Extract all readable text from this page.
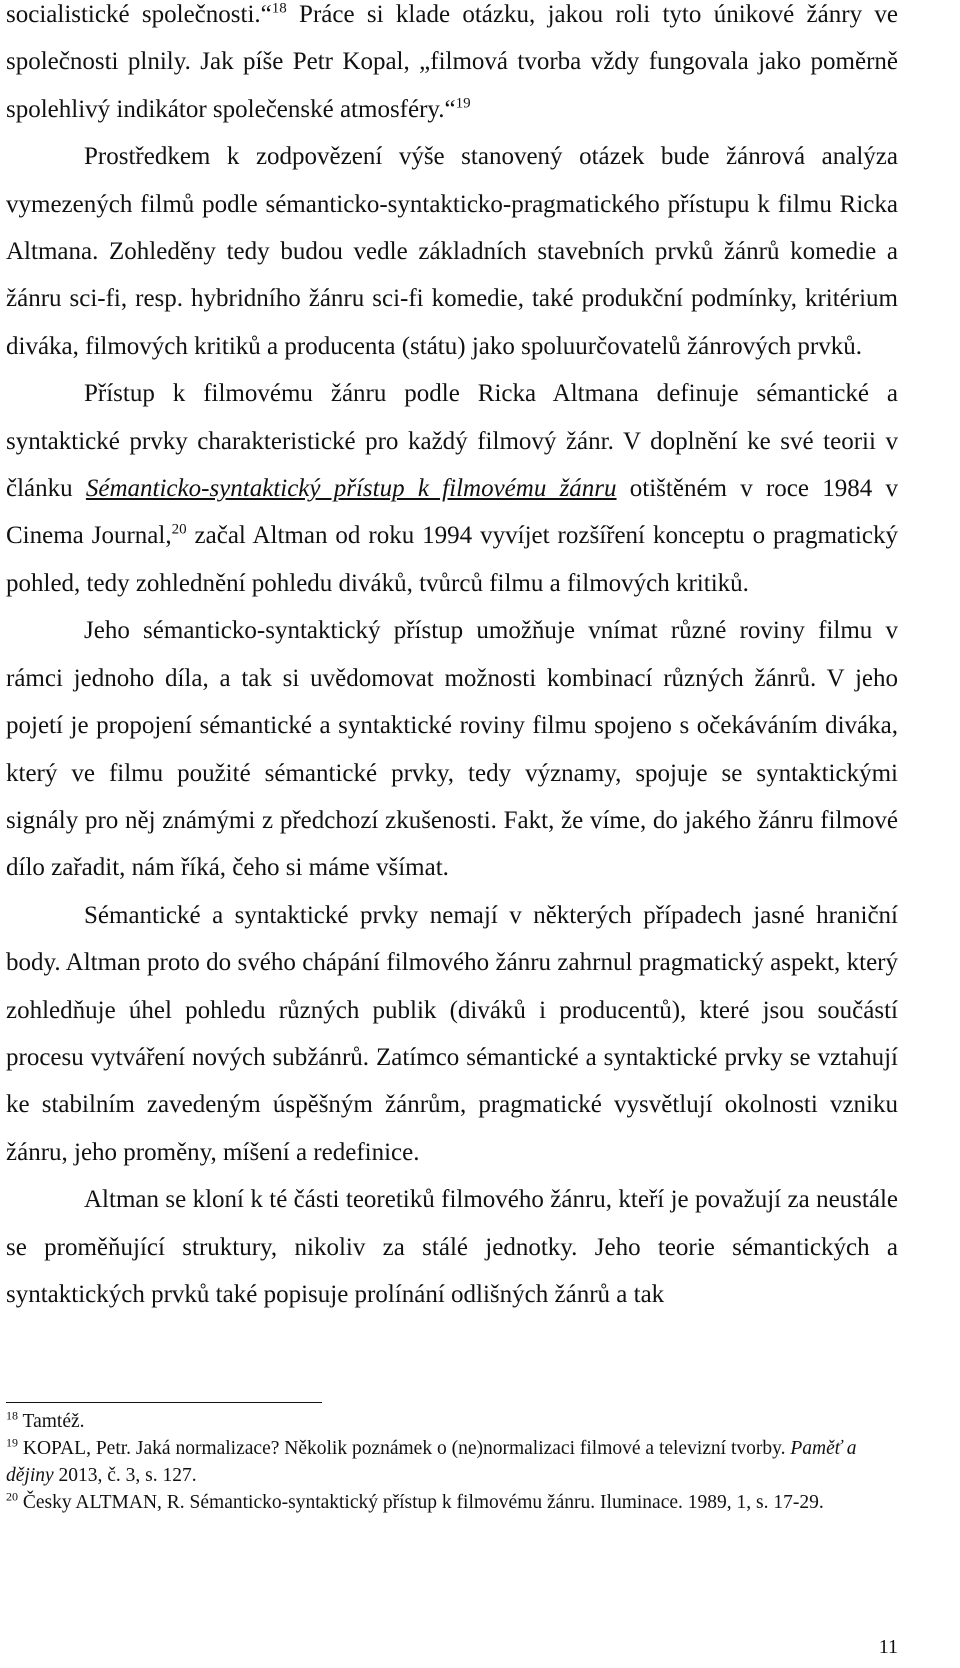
socialistické společnosti.“$^{18}$ Práce si klade otázku, jakou roli tyto únikové žánry ve společnosti plnily. Jak píše Petr Kopal, „filmová tvorba vždy fungovala jako poměrně spolehlivý indikátor společenské atmosféry.“$^{19}$

Prostředkem k zodpovězení výše stanovený otázek bude žánrová analýza vymezených filmů podle sémanticko-syntakticko-pragmatického přístupu k filmu Ricka Altmana. Zohleděny tedy budou vedle základních stavebních prvků žánrů komedie a žánru sci-fi, resp. hybridního žánru sci-fi komedie, také produkční podmínky, kritérium diváka, filmových kritiků a producenta (státu) jako spoluurčovatelů žánrových prvků.

Přístup k filmovému žánru podle Ricka Altmana definuje sémantické a syntaktické prvky charakteristické pro každý filmový žánr. V doplnění ke své teorii v článku Sémanticko-syntaktický přístup k filmovému žánru otištěném v roce 1984 v Cinema Journal,$^{20}$ začal Altman od roku 1994 vyvíjet rozšíření konceptu o pragmatický pohled, tedy zohlednění pohledu diváků, tvůrců filmu a filmových kritiků.

Jeho sémanticko-syntaktický přístup umožňuje vnímat různé roviny filmu v rámci jednoho díla, a tak si uvědomovat možnosti kombinací různých žánrů. V jeho pojetí je propojení sémantické a syntaktické roviny filmu spojeno s očekáváním diváka, který ve filmu použité sémantické prvky, tedy významy, spojuje se syntaktickými signály pro něj známými z předchozí zkušenosti. Fakt, že víme, do jakého žánru filmové dílo zařadit, nám říká, čeho si máme všímat.

Sémantické a syntaktické prvky nemají v některých případech jasné hraniční body. Altman proto do svého chápání filmového žánru zahrnul pragmatický aspekt, který zohledňuje úhel pohledu různých publik (diváků i producentů), které jsou součástí procesu vytváření nových subžánrů. Zatímco sémantické a syntaktické prvky se vztahují ke stabilním zavedeným úspěšným žánrům, pragmatické vysvětlují okolnosti vzniku žánru, jeho proměny, míšení a redefinice.

Altman se kloní k té části teoretiků filmového žánru, kteří je považují za neustále se proměňující struktury, nikoliv za stálé jednotky. Jeho teorie sémantických a syntaktických prvků také popisuje prolínání odlišných žánrů a tak

$^{18}$ Tamtéž.

$^{19}$ KOPAL, Petr. Jaká normalizace? Několik poznámek o (ne)normalizaci filmové a televizní tvorby. Paměť a dějiny 2013, č. 3, s. 127.

$^{20}$ Česky ALTMAN, R. Sémanticko-syntaktický přístup k filmovému žánru. Iluminace. 1989, 1, s. 17-29.

11
